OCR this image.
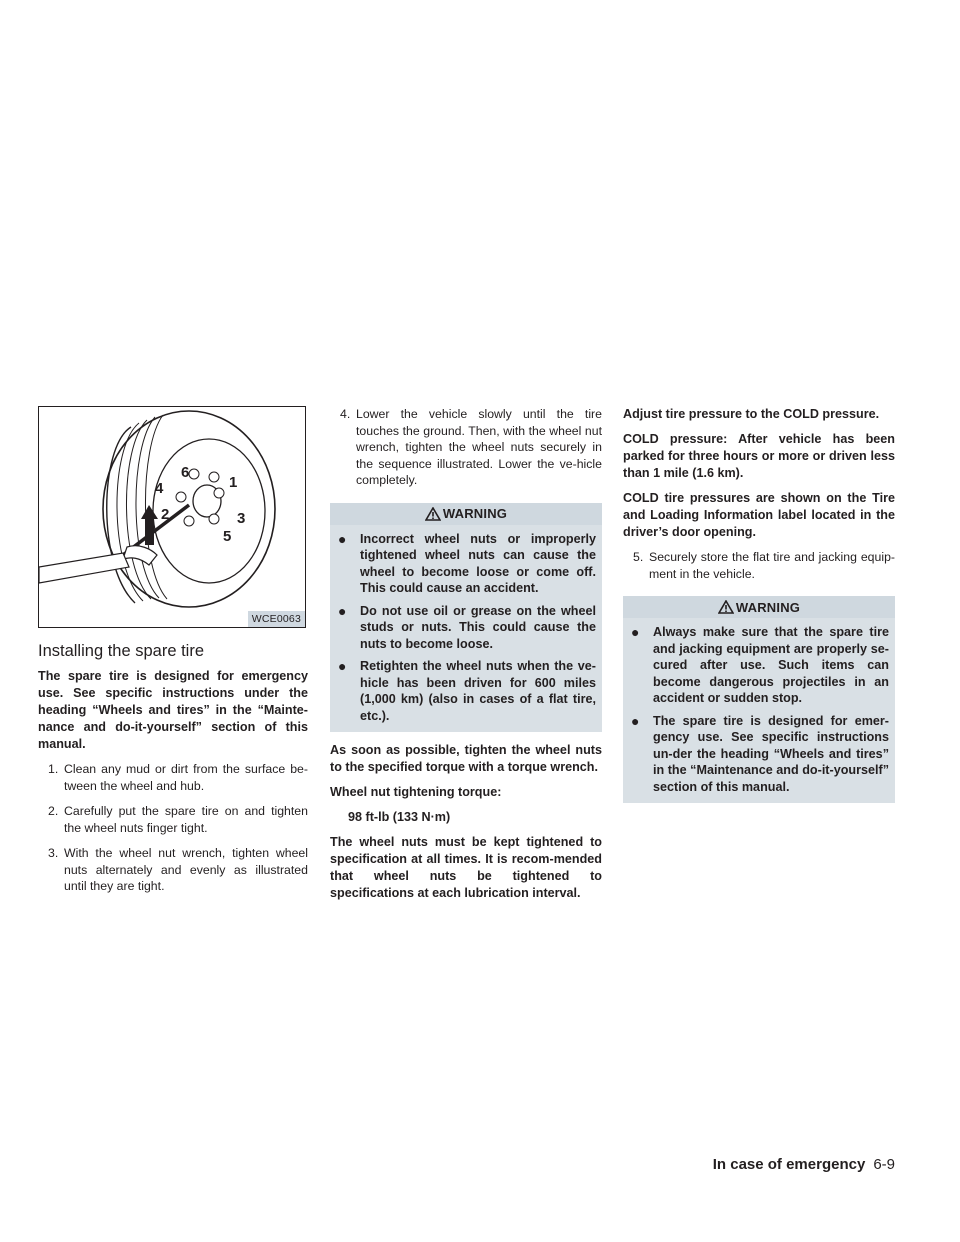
6
1
4
2	3
5
WCE0063
Installing the spare tire

The spare tire is designed for emergency use. See specific instructions under the heading “Wheels and tires” in the “Mainte-nance and do-it-yourself” section of this manual.

1. Clean any mud or dirt from the surface be-tween the wheel and hub.
2. Carefully put the spare tire on and tighten the wheel nuts finger tight.
3. With the wheel nut wrench, tighten wheel nuts alternately and evenly as illustrated until they are tight.
4. Lower the vehicle slowly until the tire touches the ground. Then, with the wheel nut wrench, tighten the wheel nuts securely in the sequence illustrated. Lower the ve-hicle completely.
WARNING
● Incorrect wheel nuts or improperly tightened wheel nuts can cause the wheel to become loose or come off. This could cause an accident.
● Do not use oil or grease on the wheel studs or nuts. This could cause the nuts to become loose.
● Retighten the wheel nuts when the ve-hicle has been driven for 600 miles (1,000 km) (also in cases of a flat tire, etc.).

As soon as possible, tighten the wheel nuts to the specified torque with a torque wrench.

Wheel nut tightening torque:

98 ft-lb (133 N·m)

The wheel nuts must be kept tightened to specification at all times. It is recom-mended that wheel nuts be tightened to specifications at each lubrication interval.

Adjust tire pressure to the COLD pressure.

COLD pressure: After vehicle has been parked for three hours or more or driven less than 1 mile (1.6 km).

COLD tire pressures are shown on the Tire and Loading Information label located in the driver’s door opening.

5. Securely store the flat tire and jacking equip-ment in the vehicle.
WARNING
● Always make sure that the spare tire and jacking equipment are properly se-cured after use. Such items can become dangerous projectiles in an accident or sudden stop.
● The spare tire is designed for emer-gency use. See specific instructions un-der the heading “Wheels and tires” in the “Maintenance and do-it-yourself” section of this manual.
In case of emergency 6-9
